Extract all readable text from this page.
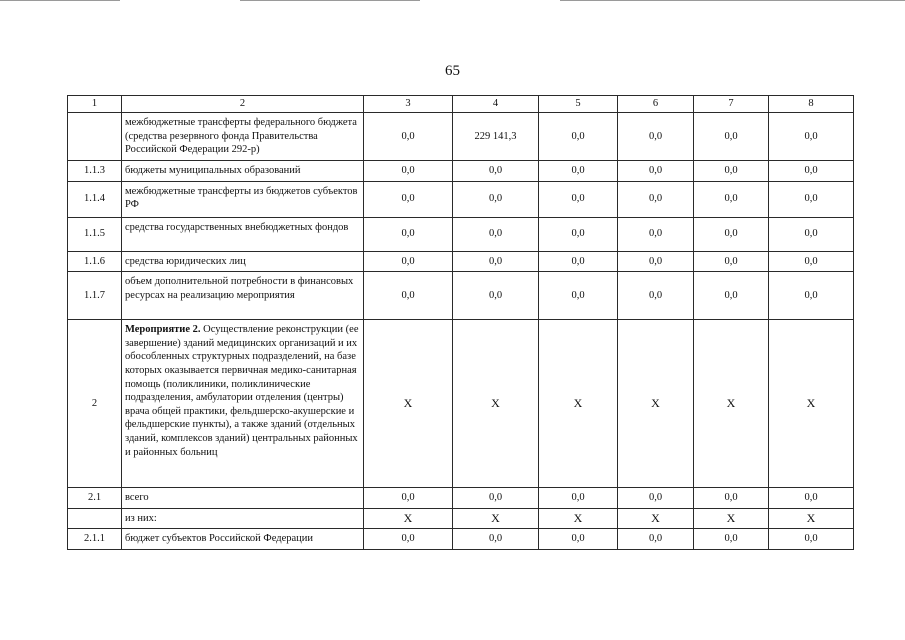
65
1	2	3	4	5	6	7	8
	межбюджетные трансферты федерального бюджета (средства резервного фонда Правительства Российской Федерации 292-р)	0,0	229 141,3	0,0	0,0	0,0	0,0
1.1.3	бюджеты муниципальных образований	0,0	0,0	0,0	0,0	0,0	0,0
1.1.4	межбюджетные трансферты из бюджетов субъектов РФ	0,0	0,0	0,0	0,0	0,0	0,0
1.1.5	средства государственных внебюджетных фондов	0,0	0,0	0,0	0,0	0,0	0,0
1.1.6	средства юридических лиц	0,0	0,0	0,0	0,0	0,0	0,0
1.1.7	объем дополнительной потребности в финансовых ресурсах на реализацию мероприятия	0,0	0,0	0,0	0,0	0,0	0,0
2	Мероприятие 2. Осуществление реконструкции (ее завершение) зданий медицинских организаций и их обособленных структурных подразделений, на базе которых оказывается первичная медико-санитарная помощь (поликлиники, поликлинические подразделения, амбулатории отделения (центры) врача общей практики, фельдшерско-акушерские и фельдшерские пункты), а также зданий (отдельных зданий, комплексов зданий) центральных районных и районных больниц	X	X	X	X	X	X
2.1	всего	0,0	0,0	0,0	0,0	0,0	0,0
	из них:	X	X	X	X	X	X
2.1.1	бюджет субъектов Российской Федерации	0,0	0,0	0,0	0,0	0,0	0,0
